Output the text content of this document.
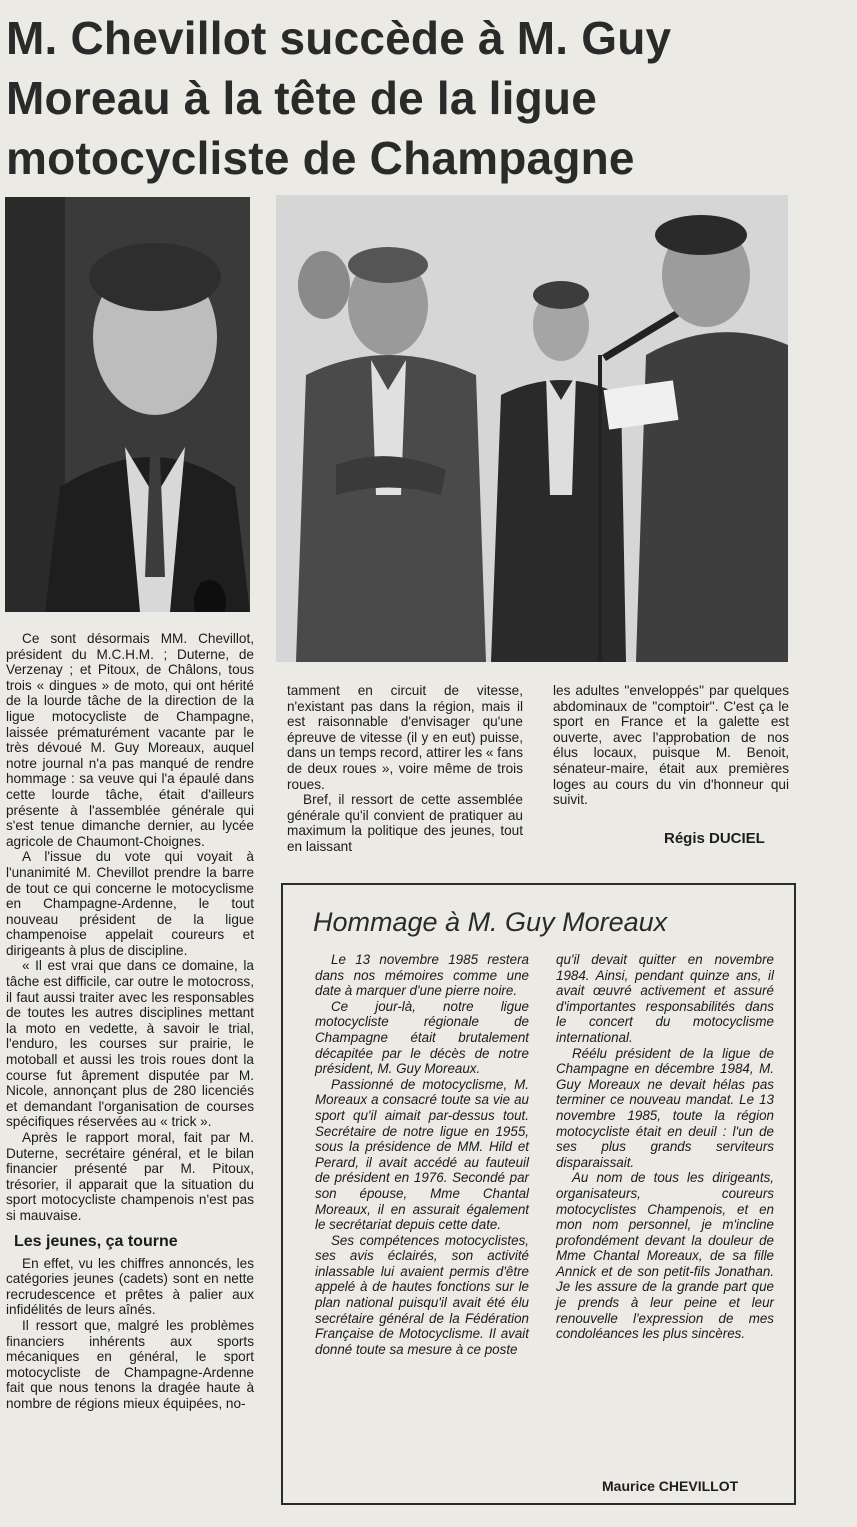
M. Chevillot succède à M. Guy Moreau à la tête de la ligue motocycliste de Champagne

Ce sont désormais MM. Chevillot, président du M.C.H.M. ; Duterne, de Verzenay ; et Pitoux, de Châlons, tous trois « dingues » de moto, qui ont hérité de la lourde tâche de la direction de la ligue motocycliste de Champagne, laissée prématurément vacante par le très dévoué M. Guy Moreaux, auquel notre journal n'a pas manqué de rendre hommage : sa veuve qui l'a épaulé dans cette lourde tâche, était d'ailleurs présente à l'assemblée générale qui s'est tenue dimanche dernier, au lycée agricole de Chaumont-Choignes.

A l'issue du vote qui voyait à l'unanimité M. Chevillot prendre la barre de tout ce qui concerne le motocyclisme en Champagne-Ardenne, le tout nouveau président de la ligue champenoise appelait coureurs et dirigeants à plus de discipline.

« Il est vrai que dans ce domaine, la tâche est difficile, car outre le motocross, il faut aussi traiter avec les responsables de toutes les autres disciplines mettant la moto en vedette, à savoir le trial, l'enduro, les courses sur prairie, le motoball et aussi les trois roues dont la course fut âprement disputée par M. Nicole, annonçant plus de 280 licenciés et demandant l'organisation de courses spécifiques réservées au « trick ».

Après le rapport moral, fait par M. Duterne, secrétaire général, et le bilan financier présenté par M. Pitoux, trésorier, il apparait que la situation du sport motocycliste champenois n'est pas si mauvaise.

Les jeunes, ça tourne

En effet, vu les chiffres annoncés, les catégories jeunes (cadets) sont en nette recrudescence et prêtes à palier aux infidélités de leurs aînés.

Il ressort que, malgré les problèmes financiers inhérents aux sports mécaniques en général, le sport motocycliste de Champagne-Ardenne fait que nous tenons la dragée haute à nombre de régions mieux équipées, no-

tamment en circuit de vitesse, n'existant pas dans la région, mais il est raisonnable d'envisager qu'une épreuve de vitesse (il y en eut) puisse, dans un temps record, attirer les « fans de deux roues », voire même de trois roues.

Bref, il ressort de cette assemblée générale qu'il convient de pratiquer au maximum la politique des jeunes, tout en laissant

les adultes ''enveloppés'' par quelques abdominaux de ''comptoir''. C'est ça le sport en France et la galette est ouverte, avec l'approbation de nos élus locaux, puisque M. Benoit, sénateur-maire, était aux premières loges au cours du vin d'honneur qui suivit.

Régis DUCIEL
Hommage à M. Guy Moreaux

Le 13 novembre 1985 restera dans nos mémoires comme une date à marquer d'une pierre noire.

Ce jour-là, notre ligue motocycliste régionale de Champagne était brutalement décapitée par le décès de notre président, M. Guy Moreaux.

Passionné de motocyclisme, M. Moreaux a consacré toute sa vie au sport qu'il aimait par-dessus tout. Secrétaire de notre ligue en 1955, sous la présidence de MM. Hild et Perard, il avait accédé au fauteuil de président en 1976. Secondé par son épouse, Mme Chantal Moreaux, il en assurait également le secrétariat depuis cette date.

Ses compétences motocyclistes, ses avis éclairés, son activité inlassable lui avaient permis d'être appelé à de hautes fonctions sur le plan national puisqu'il avait été élu secrétaire général de la Fédération Française de Motocyclisme. Il avait donné toute sa mesure à ce poste

qu'il devait quitter en novembre 1984. Ainsi, pendant quinze ans, il avait œuvré activement et assuré d'importantes responsabilités dans le concert du motocyclisme international.

Réélu président de la ligue de Champagne en décembre 1984, M. Guy Moreaux ne devait hélas pas terminer ce nouveau mandat. Le 13 novembre 1985, toute la région motocycliste était en deuil : l'un de ses plus grands serviteurs disparaissait.

Au nom de tous les dirigeants, organisateurs, coureurs motocyclistes Champenois, et en mon nom personnel, je m'incline profondément devant la douleur de Mme Chantal Moreaux, de sa fille Annick et de son petit-fils Jonathan. Je les assure de la grande part que je prends à leur peine et leur renouvelle l'expression de mes condoléances les plus sincères.

Maurice CHEVILLOT
